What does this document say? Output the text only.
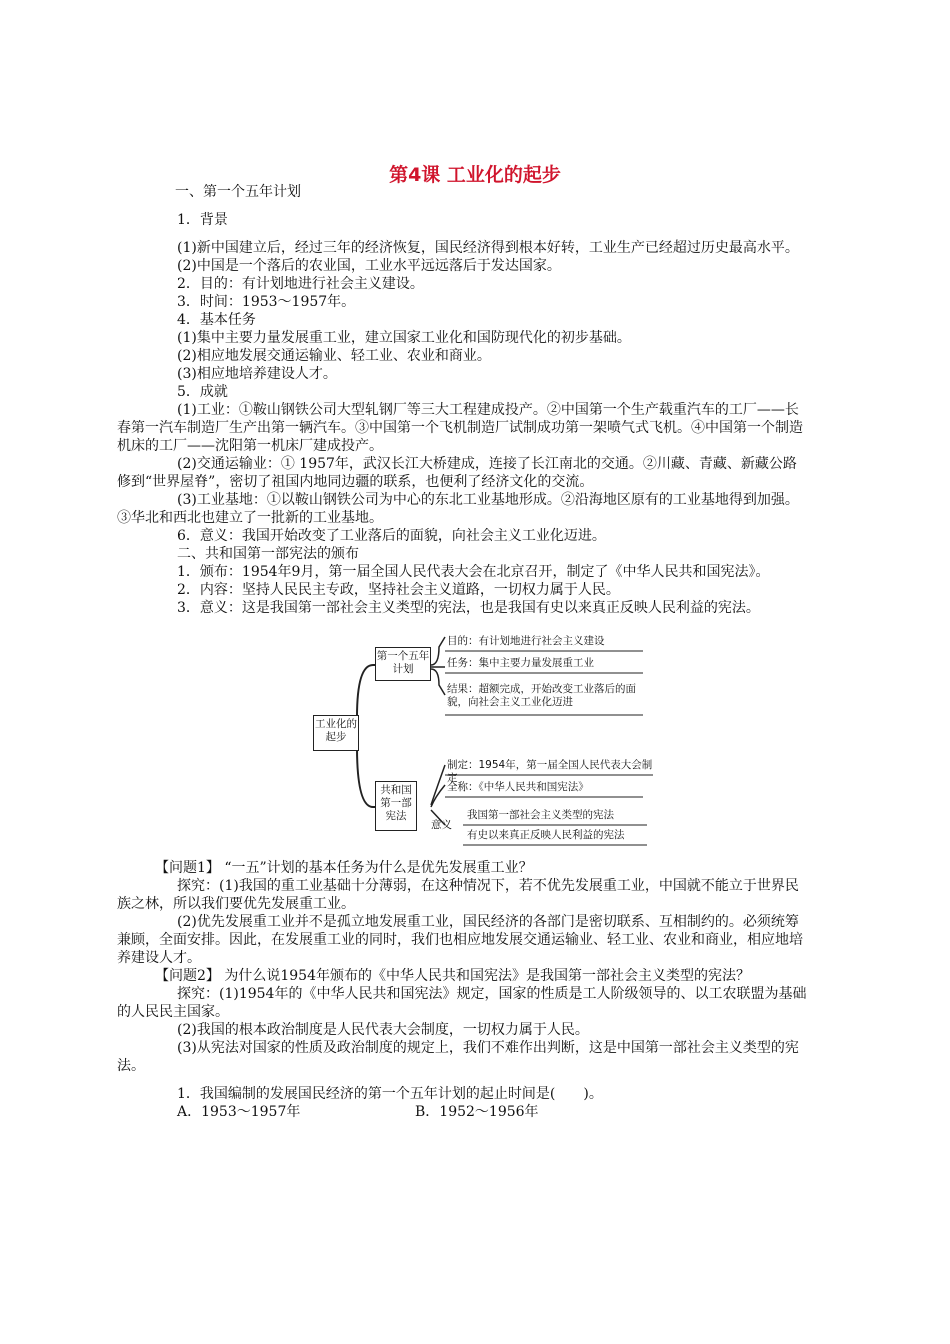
第4课 工业化的起步

一、第一个五年计划

1．背景

(1)新中国建立后，经过三年的经济恢复，国民经济得到根本好转，工业生产已经超过历史最高水平。

(2)中国是一个落后的农业国，工业水平远远落后于发达国家。

2．目的：有计划地进行社会主义建设。

3．时间：1953～1957年。

4．基本任务

(1)集中主要力量发展重工业，建立国家工业化和国防现代化的初步基础。

(2)相应地发展交通运输业、轻工业、农业和商业。

(3)相应地培养建设人才。

5．成就

(1)工业：①鞍山钢铁公司大型轧钢厂等三大工程建成投产。②中国第一个生产载重汽车的工厂——长春第一汽车制造厂生产出第一辆汽车。③中国第一个飞机制造厂试制成功第一架喷气式飞机。④中国第一个制造机床的工厂——沈阳第一机床厂建成投产。

(2)交通运输业：① 1957年，武汉长江大桥建成，连接了长江南北的交通。②川藏、青藏、新藏公路修到“世界屋脊”，密切了祖国内地同边疆的联系，也便利了经济文化的交流。

(3)工业基地：①以鞍山钢铁公司为中心的东北工业基地形成。②沿海地区原有的工业基地得到加强。③华北和西北也建立了一批新的工业基地。

6．意义：我国开始改变了工业落后的面貌，向社会主义工业化迈进。

二、共和国第一部宪法的颁布

1．颁布：1954年9月，第一届全国人民代表大会在北京召开，制定了《中华人民共和国宪法》。

2．内容：坚持人民民主专政，坚持社会主义道路，一切权力属于人民。

3．意义：这是我国第一部社会主义类型的宪法，也是我国有史以来真正反映人民利益的宪法。

工业化的起步
第一个五年计划
共和国第一部宪法
目的：有计划地进行社会主义建设
任务：集中主要力量发展重工业
结果：超额完成，开始改变工业落后的面貌，向社会主义工业化迈进
制定：1954年，第一届全国人民代表大会制定
全称：《中华人民共和国宪法》
意义
我国第一部社会主义类型的宪法
有史以来真正反映人民利益的宪法

【问题1】 “一五”计划的基本任务为什么是优先发展重工业？

探究：(1)我国的重工业基础十分薄弱，在这种情况下，若不优先发展重工业，中国就不能立于世界民族之林，所以我们要优先发展重工业。

(2)优先发展重工业并不是孤立地发展重工业，国民经济的各部门是密切联系、互相制约的。必须统筹兼顾，全面安排。因此，在发展重工业的同时，我们也相应地发展交通运输业、轻工业、农业和商业，相应地培养建设人才。

【问题2】 为什么说1954年颁布的《中华人民共和国宪法》是我国第一部社会主义类型的宪法？

探究：(1)1954年的《中华人民共和国宪法》规定，国家的性质是工人阶级领导的、以工农联盟为基础的人民民主国家。

(2)我国的根本政治制度是人民代表大会制度，一切权力属于人民。

(3)从宪法对国家的性质及政治制度的规定上，我们不难作出判断，这是中国第一部社会主义类型的宪法。

1．我国编制的发展国民经济的第一个五年计划的起止时间是(　　)。

A．1953～1957年	B．1952～1956年
